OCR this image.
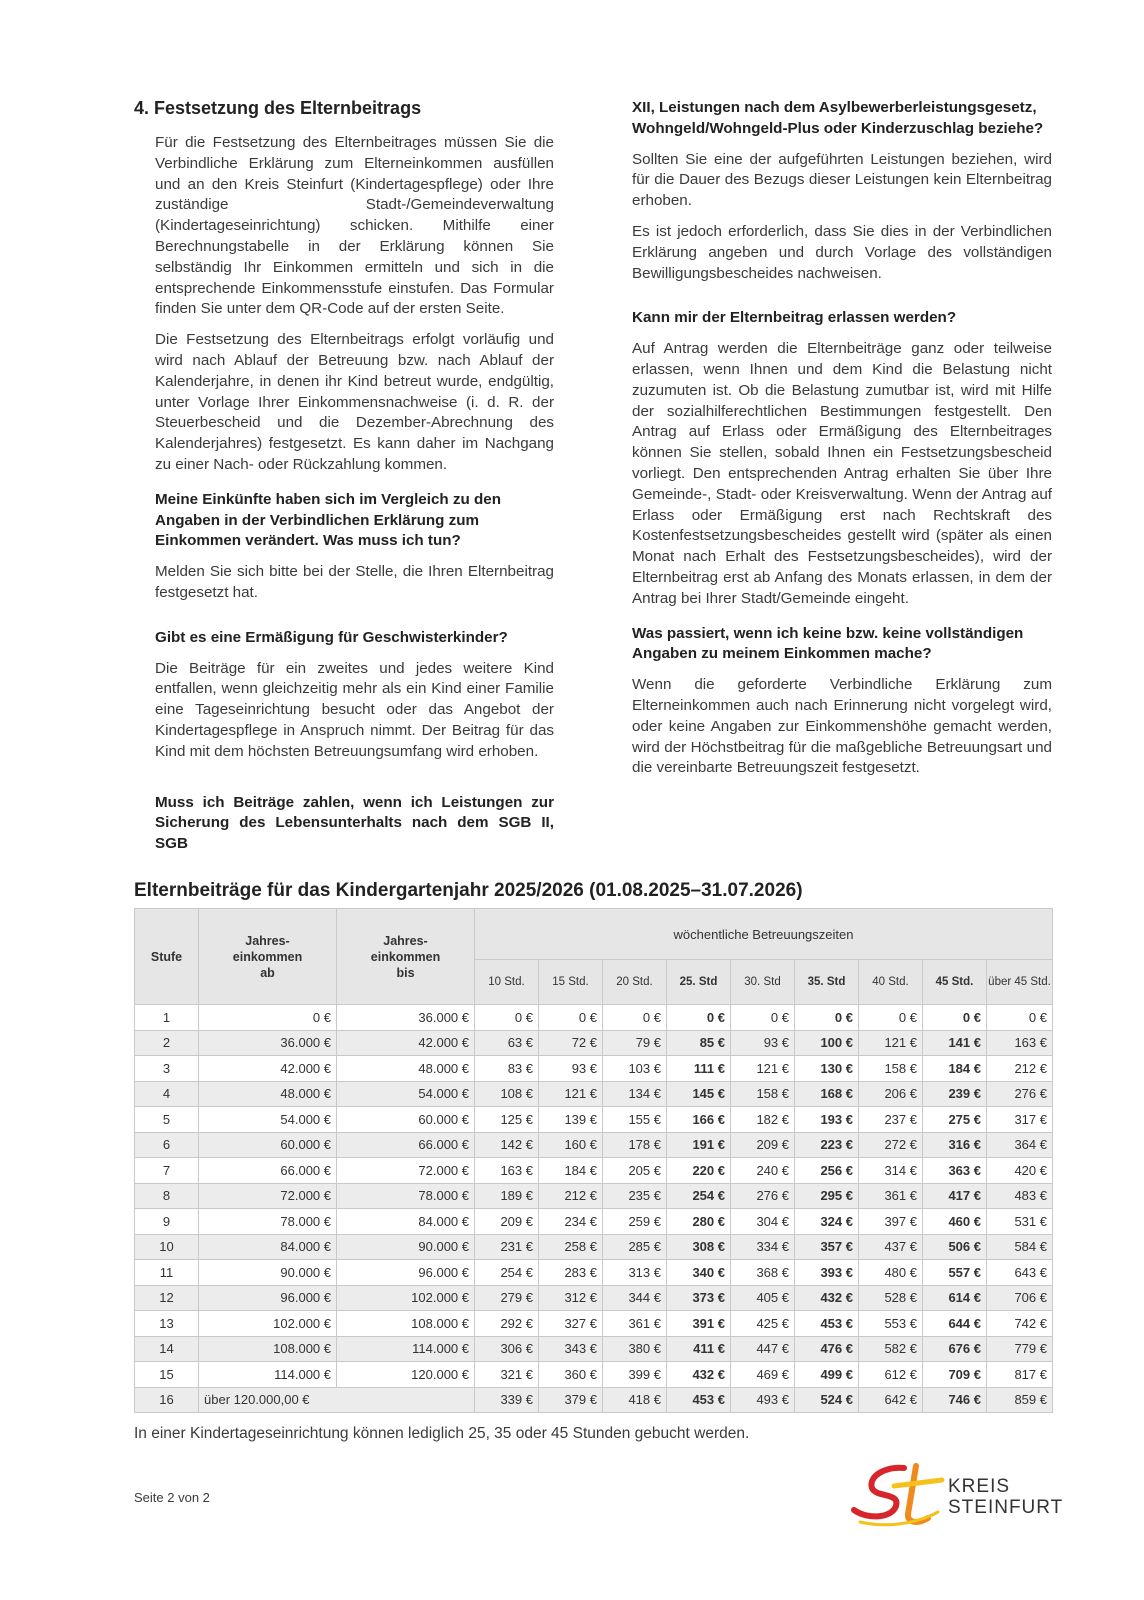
4. Festsetzung des Elternbeitrags

Für die Festsetzung des Elternbeitrages müssen Sie die Verbindliche Erklärung zum Elterneinkommen ausfüllen und an den Kreis Steinfurt (Kindertagespflege) oder Ihre zuständige Stadt-/Gemeindeverwaltung (Kindertageseinrichtung) schicken. Mithilfe einer Berechnungstabelle in der Erklärung können Sie selbständig Ihr Einkommen ermitteln und sich in die entsprechende Einkommensstufe einstufen. Das Formular finden Sie unter dem QR-Code auf der ersten Seite.

Die Festsetzung des Elternbeitrags erfolgt vorläufig und wird nach Ablauf der Betreuung bzw. nach Ablauf der Kalenderjahre, in denen ihr Kind betreut wurde, endgültig, unter Vorlage Ihrer Einkommensnachweise (i. d. R. der Steuerbescheid und die Dezember-Abrechnung des Kalenderjahres) festgesetzt. Es kann daher im Nachgang zu einer Nach- oder Rückzahlung kommen.

Meine Einkünfte haben sich im Vergleich zu den Angaben in der Verbindlichen Erklärung zum Einkommen verändert. Was muss ich tun?

Melden Sie sich bitte bei der Stelle, die Ihren Elternbeitrag festgesetzt hat.

Gibt es eine Ermäßigung für Geschwisterkinder?

Die Beiträge für ein zweites und jedes weitere Kind entfallen, wenn gleichzeitig mehr als ein Kind einer Familie eine Tageseinrichtung besucht oder das Angebot der Kindertagespflege in Anspruch nimmt. Der Beitrag für das Kind mit dem höchsten Betreuungsumfang wird erhoben.

Muss ich Beiträge zahlen, wenn ich Leistungen zur Sicherung des Lebensunterhalts nach dem SGB II, SGB
XII, Leistungen nach dem Asylbewerberleistungsgesetz, Wohngeld/Wohngeld-Plus oder Kinderzuschlag beziehe?

Sollten Sie eine der aufgeführten Leistungen beziehen, wird für die Dauer des Bezugs dieser Leistungen kein Elternbeitrag erhoben.

Es ist jedoch erforderlich, dass Sie dies in der Verbindlichen Erklärung angeben und durch Vorlage des vollständigen Bewilligungsbescheides nachweisen.

Kann mir der Elternbeitrag erlassen werden?

Auf Antrag werden die Elternbeiträge ganz oder teilweise erlassen, wenn Ihnen und dem Kind die Belastung nicht zuzumuten ist. Ob die Belastung zumutbar ist, wird mit Hilfe der sozialhilferechtlichen Bestimmungen festgestellt. Den Antrag auf Erlass oder Ermäßigung des Elternbeitrages können Sie stellen, sobald Ihnen ein Festsetzungsbescheid vorliegt. Den entsprechenden Antrag erhalten Sie über Ihre Gemeinde-, Stadt- oder Kreisverwaltung. Wenn der Antrag auf Erlass oder Ermäßigung erst nach Rechtskraft des Kostenfestsetzungsbescheides gestellt wird (später als einen Monat nach Erhalt des Festsetzungsbescheides), wird der Elternbeitrag erst ab Anfang des Monats erlassen, in dem der Antrag bei Ihrer Stadt/Gemeinde eingeht.

Was passiert, wenn ich keine bzw. keine vollständigen Angaben zu meinem Einkommen mache?

Wenn die geforderte Verbindliche Erklärung zum Elterneinkommen auch nach Erinnerung nicht vorgelegt wird, oder keine Angaben zur Einkommenshöhe gemacht werden, wird der Höchstbeitrag für die maßgebliche Betreuungsart und die vereinbarte Betreuungszeit festgesetzt.

Elternbeiträge für das Kindergartenjahr 2025/2026 (01.08.2025–31.07.2026)
Stufe	Jahres-
einkommen
ab	Jahres-
einkommen
bis	wöchentliche Betreuungszeiten								
			10 Std.	15 Std.	20 Std.	25. Std	30. Std	35. Std	40 Std.	45 Std.	über 45 Std.
1	0 €	36.000 €	0 €	0 €	0 €	0 €	0 €	0 €	0 €	0 €	0 €
2	36.000 €	42.000 €	63 €	72 €	79 €	85 €	93 €	100 €	121 €	141 €	163 €
3	42.000 €	48.000 €	83 €	93 €	103 €	111 €	121 €	130 €	158 €	184 €	212 €
4	48.000 €	54.000 €	108 €	121 €	134 €	145 €	158 €	168 €	206 €	239 €	276 €
5	54.000 €	60.000 €	125 €	139 €	155 €	166 €	182 €	193 €	237 €	275 €	317 €
6	60.000 €	66.000 €	142 €	160 €	178 €	191 €	209 €	223 €	272 €	316 €	364 €
7	66.000 €	72.000 €	163 €	184 €	205 €	220 €	240 €	256 €	314 €	363 €	420 €
8	72.000 €	78.000 €	189 €	212 €	235 €	254 €	276 €	295 €	361 €	417 €	483 €
9	78.000 €	84.000 €	209 €	234 €	259 €	280 €	304 €	324 €	397 €	460 €	531 €
10	84.000 €	90.000 €	231 €	258 €	285 €	308 €	334 €	357 €	437 €	506 €	584 €
11	90.000 €	96.000 €	254 €	283 €	313 €	340 €	368 €	393 €	480 €	557 €	643 €
12	96.000 €	102.000 €	279 €	312 €	344 €	373 €	405 €	432 €	528 €	614 €	706 €
13	102.000 €	108.000 €	292 €	327 €	361 €	391 €	425 €	453 €	553 €	644 €	742 €
14	108.000 €	114.000 €	306 €	343 €	380 €	411 €	447 €	476 €	582 €	676 €	779 €
15	114.000 €	120.000 €	321 €	360 €	399 €	432 €	469 €	499 €	612 €	709 €	817 €
16	über 120.000,00 €		339 €	379 €	418 €	453 €	493 €	524 €	642 €	746 €	859 €

In einer Kindertageseinrichtung können lediglich 25, 35 oder 45 Stunden gebucht werden.

Seite 2 von 2

KREIS
STEINFURT
